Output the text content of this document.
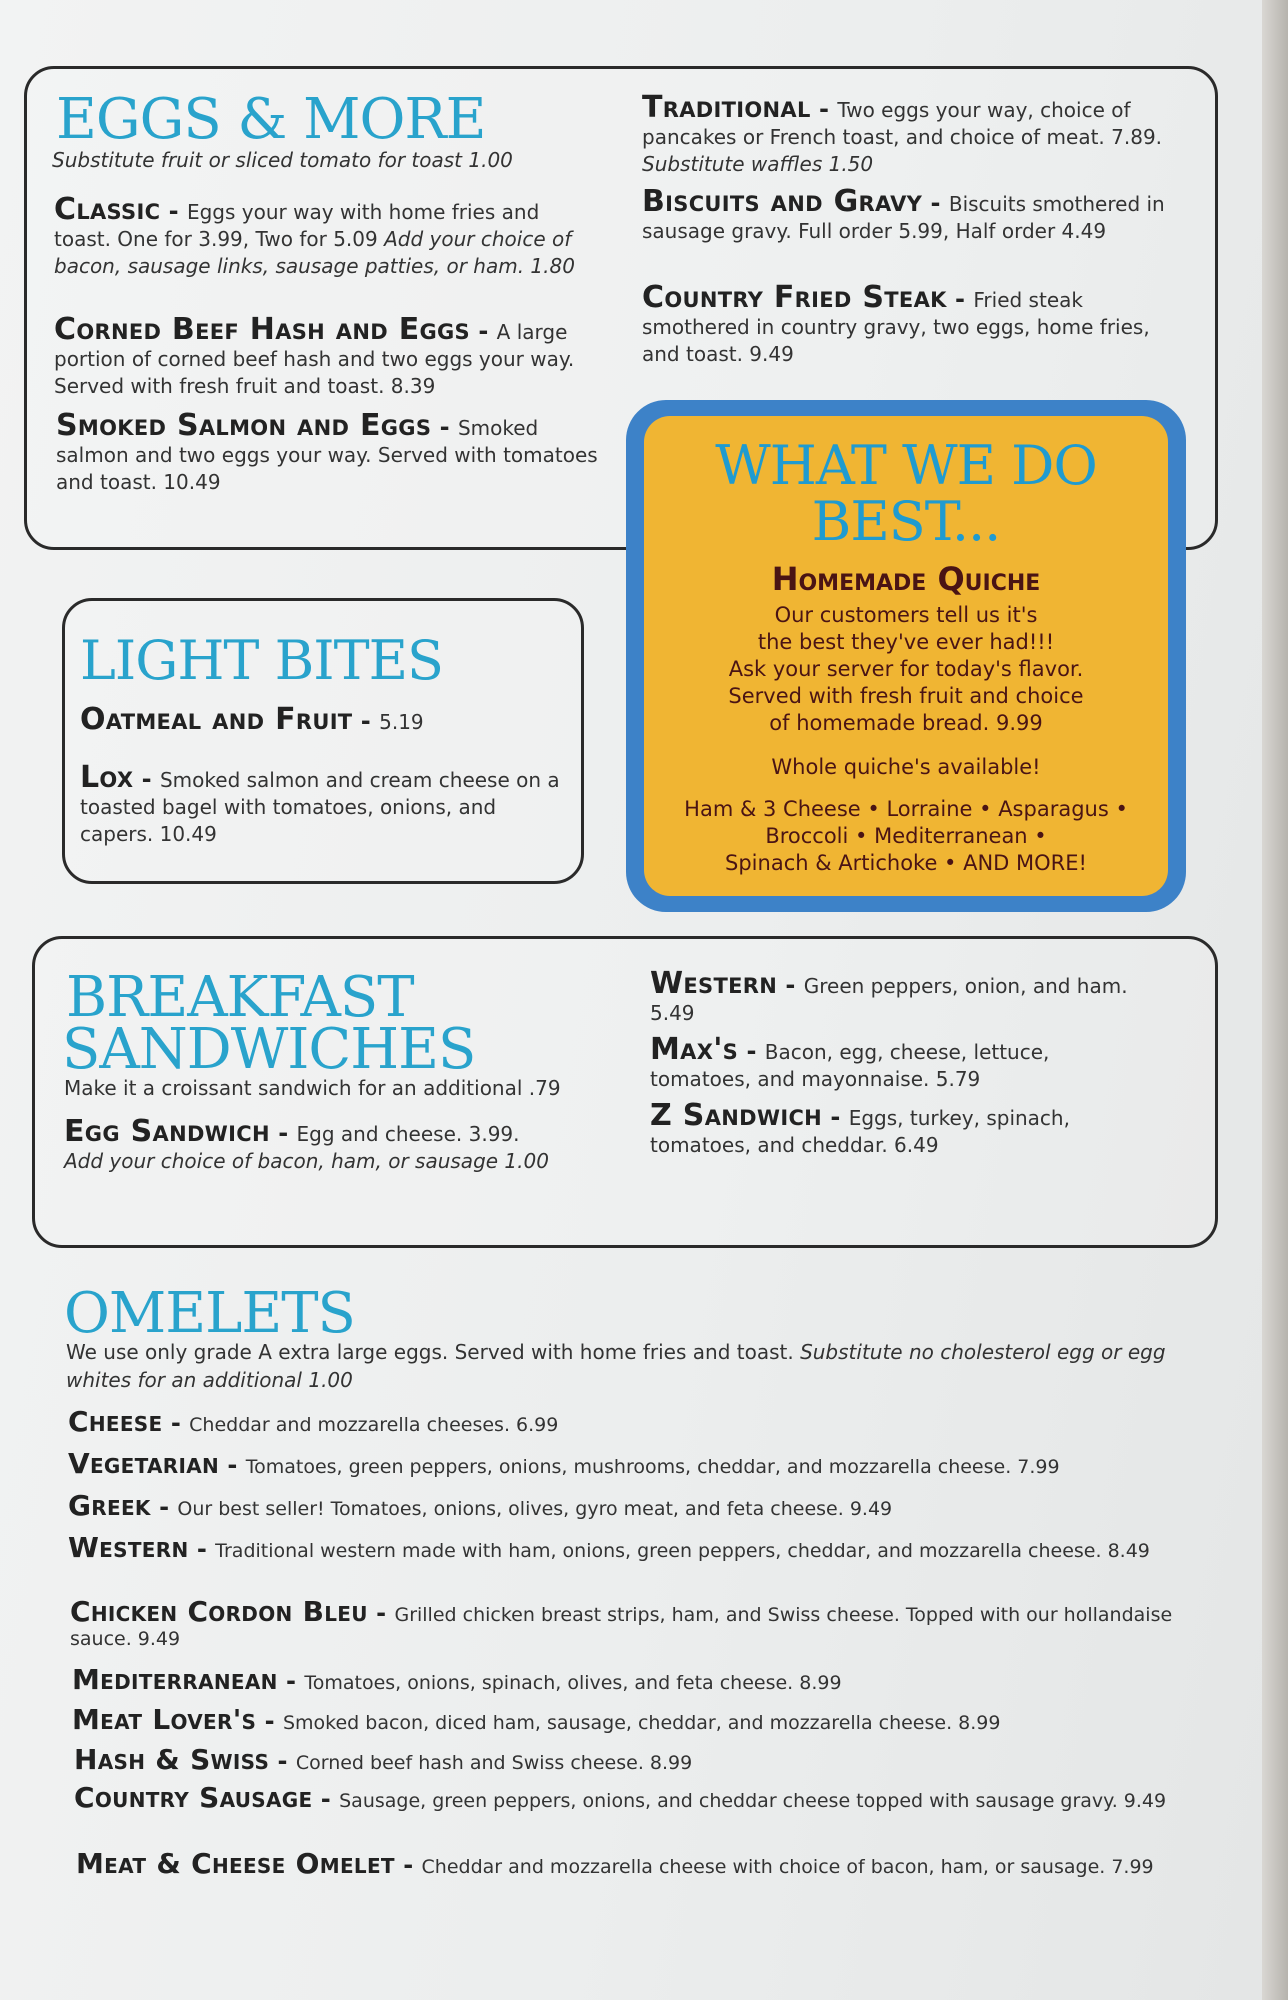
EGGS & MORE

Substitute fruit or sliced tomato for toast 1.00

Classic - Eggs your way with home fries and toast. One for 3.99, Two for 5.09 Add your choice of bacon, sausage links, sausage patties, or ham. 1.80

Corned Beef Hash and Eggs - A large portion of corned beef hash and two eggs your way. Served with fresh fruit and toast. 8.39

Smoked Salmon and Eggs - Smoked salmon and two eggs your way. Served with tomatoes and toast. 10.49

Traditional - Two eggs your way, choice of pancakes or French toast, and choice of meat. 7.89. Substitute waffles 1.50

Biscuits and Gravy - Biscuits smothered in sausage gravy. Full order 5.99, Half order 4.49

Country Fried Steak - Fried steak smothered in country gravy, two eggs, home fries, and toast. 9.49

WHAT WE DO BEST...

Homemade Quiche

Our customers tell us it's

the best they've ever had!!!

Ask your server for today's flavor.

Served with fresh fruit and choice

of homemade bread. 9.99

Whole quiche's available!

Ham & 3 Cheese • Lorraine • Asparagus •

Broccoli • Mediterranean •

Spinach & Artichoke • AND MORE!

LIGHT BITES

Oatmeal and Fruit - 5.19

Lox - Smoked salmon and cream cheese on a toasted bagel with tomatoes, onions, and capers. 10.49

BREAKFAST
SANDWICHES

Make it a croissant sandwich for an additional .79

Egg Sandwich - Egg and cheese. 3.99.
Add your choice of bacon, ham, or sausage 1.00

Western - Green peppers, onion, and ham. 5.49

Max's - Bacon, egg, cheese, lettuce, tomatoes, and mayonnaise. 5.79

Z Sandwich - Eggs, turkey, spinach, tomatoes, and cheddar. 6.49

OMELETS

We use only grade A extra large eggs. Served with home fries and toast. Substitute no cholesterol egg or egg whites for an additional 1.00

Cheese - Cheddar and mozzarella cheeses. 6.99

Vegetarian - Tomatoes, green peppers, onions, mushrooms, cheddar, and mozzarella cheese. 7.99

Greek - Our best seller! Tomatoes, onions, olives, gyro meat, and feta cheese. 9.49

Western - Traditional western made with ham, onions, green peppers, cheddar, and mozzarella cheese. 8.49

Chicken Cordon Bleu - Grilled chicken breast strips, ham, and Swiss cheese. Topped with our hollandaise sauce. 9.49

Mediterranean - Tomatoes, onions, spinach, olives, and feta cheese. 8.99

Meat Lover's - Smoked bacon, diced ham, sausage, cheddar, and mozzarella cheese. 8.99

Hash & Swiss - Corned beef hash and Swiss cheese. 8.99

Country Sausage - Sausage, green peppers, onions, and cheddar cheese topped with sausage gravy. 9.49

Meat & Cheese Omelet - Cheddar and mozzarella cheese with choice of bacon, ham, or sausage. 7.99
